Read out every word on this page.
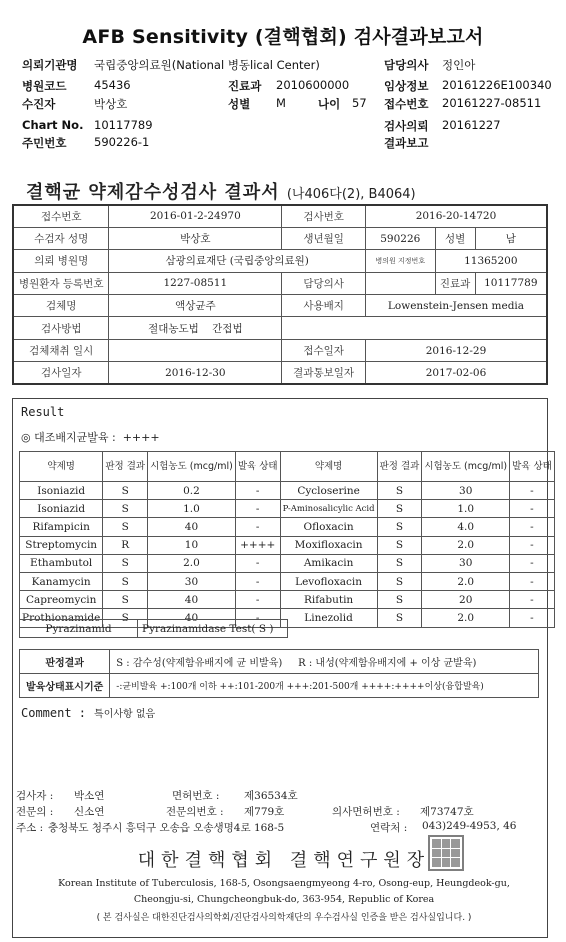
AFB Sensitivity (결핵협회) 검사결과보고서
의뢰기관명 국립중앙의료원(National 병동lical Center)	담당의사 정인아
병원코드 45436	진료과 2010600000	임상정보 20161226E100340
수진자	박상호	성별 M	나이 57 접수번호 20161227-08511
Chart No. 10117789	검사의뢰 20161227
주민번호 590226-1	결과보고
결핵균 약제감수성검사 결과서 (나406다(2), B4064)
접수번호	2016-01-2-24970	검사번호	2016-20-14720		
수검자 성명	박상호	생년월일	590226	성별	남
의뢰 병원명	삼광의료재단 (국립중앙의료원)		병의원 지정번호	11365200	
병원환자 등록번호	1227-08511	담당의사		진료과	10117789
검체명	액상균주	사용배지	Lowenstein-Jensen media		
검사방법	절대농도법 간접법				
검체채취 일시		접수일자	2016-12-29		
검사일자	2016-12-30	결과통보일자	2017-02-06		
Result
◎ 대조배지균발육 : ++++
약제명	판정 결과	시험농도 (mcg/ml)	발육 상태	약제명	판정 결과	시험농도 (mcg/ml)	발육 상태
Isoniazid	S	0.2	-	Cycloserine	S	30	-
Isoniazid	S	1.0	-	P-Aminosalicylic Acid	S	1.0	-
Rifampicin	S	40	-	Ofloxacin	S	4.0	-
Streptomycin	R	10	++++	Moxifloxacin	S	2.0	-
Ethambutol	S	2.0	-	Amikacin	S	30	-
Kanamycin	S	30	-	Levofloxacin	S	2.0	-
Capreomycin	S	40	-	Rifabutin	S	20	-
Prothionamide	S	40	-	Linezolid	S	2.0	-
Pyrazinamid	Pyrazinamidase Test( S )
판정결과	S : 감수성(약제함유배지에 균 비발육) R : 내성(약제함유배지에 + 이상 균발육)
발육상태표시기준	-:균비발육 +:100개 이하 ++:101-200개 +++:201-500개 ++++:++++이상(융합발육)
Comment : 특이사항 없음
검사자 : 박소연	면허번호 : 제36534호
전문의 : 신소연	전문의번호 : 제779호	의사면허번호 : 제73747호
주소 : 충청북도 청주시 흥덕구 오송읍 오송생명4로 168-5	연락처 : 043)249-4953, 46
대한결핵협회 결핵연구원장
Korean Institute of Tuberculosis, 168-5, Osongsaengmyeong 4-ro, Osong-eup, Heungdeok-gu,
Cheongju-si, Chungcheongbuk-do, 363-954, Republic of Korea
( 본 검사실은 대한진단검사의학회/진단검사의학재단의 우수검사실 인증을 받은 검사실입니다. )
